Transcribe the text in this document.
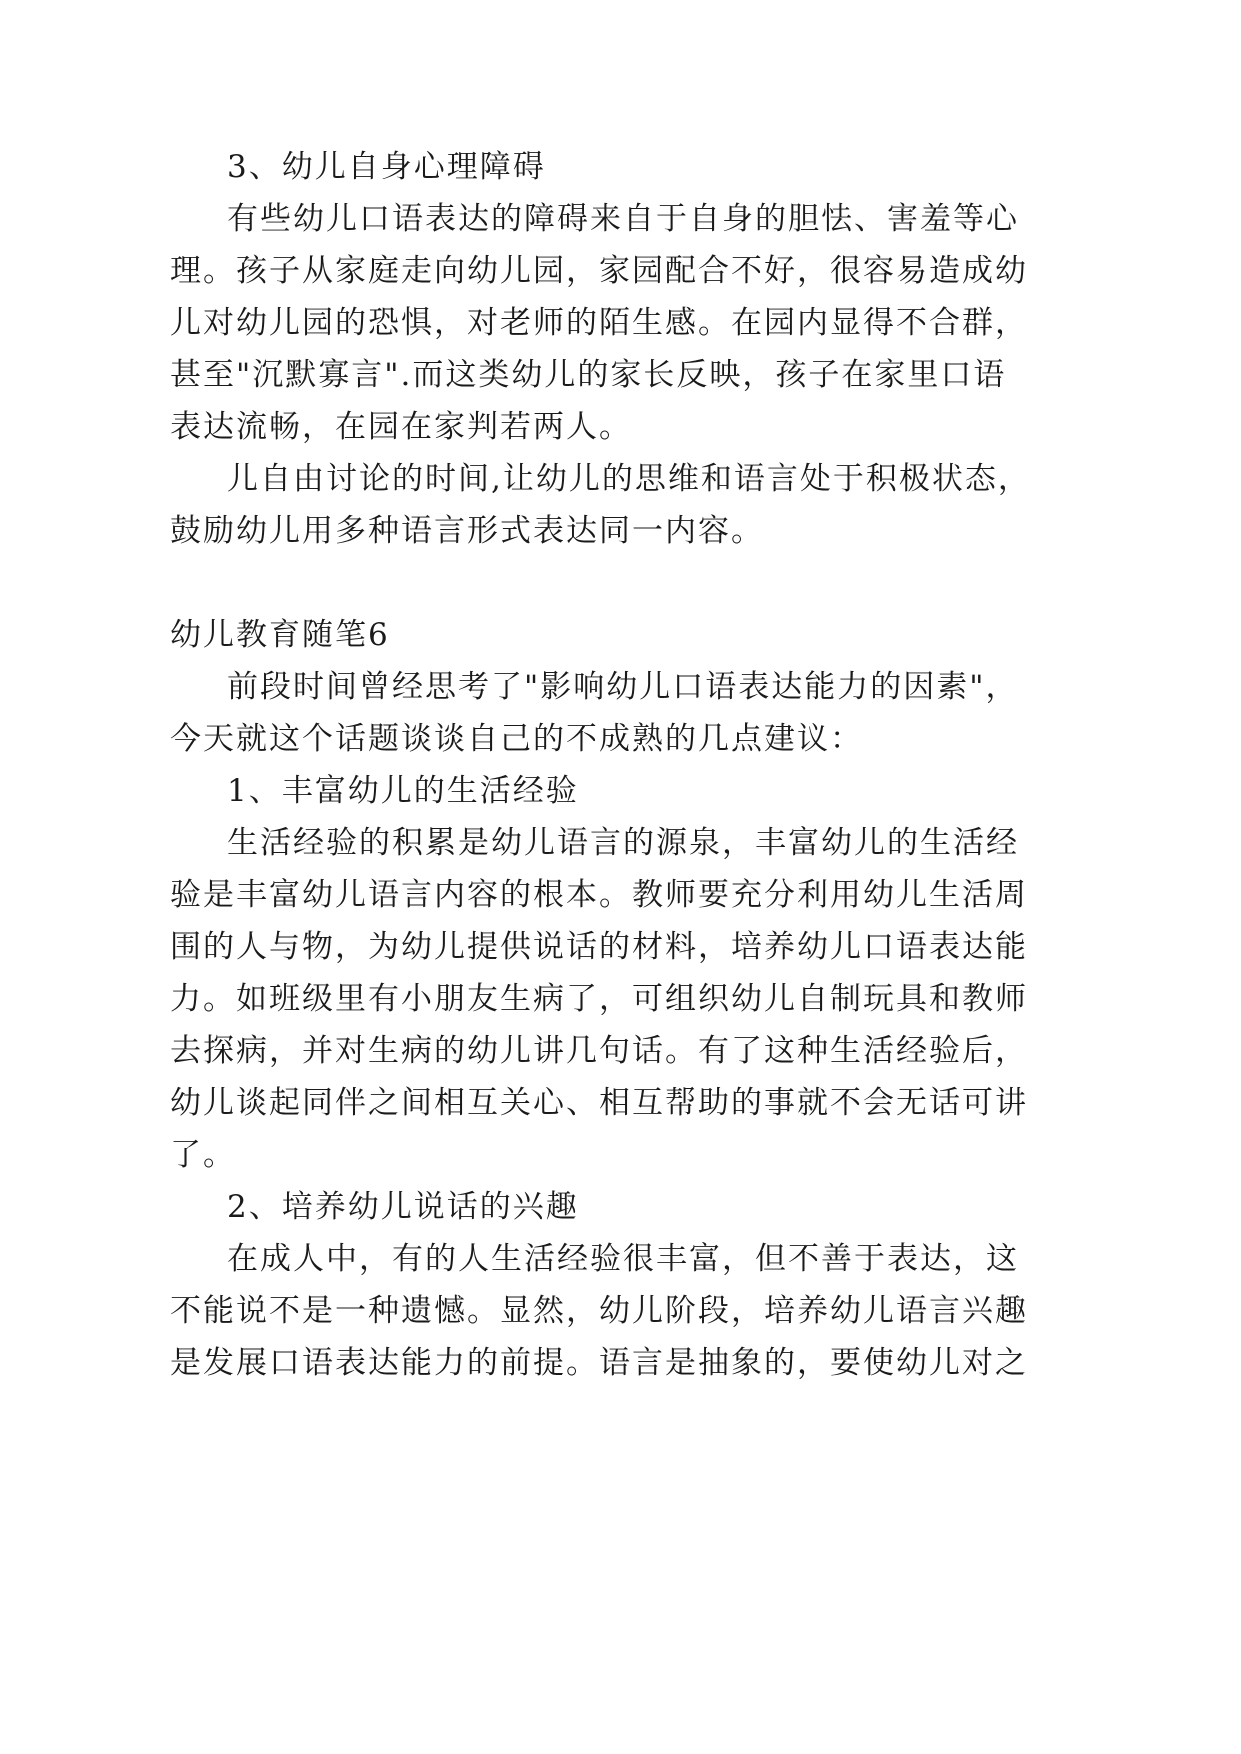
3、幼儿自身心理障碍
有些幼儿口语表达的障碍来自于自身的胆怯、害羞等心
理。孩子从家庭走向幼儿园，家园配合不好，很容易造成幼
儿对幼儿园的恐惧，对老师的陌生感。在园内显得不合群，
甚至"沉默寡言".而这类幼儿的家长反映，孩子在家里口语
表达流畅，在园在家判若两人。
儿自由讨论的时间,让幼儿的思维和语言处于积极状态，
鼓励幼儿用多种语言形式表达同一内容。
幼儿教育随笔6
前段时间曾经思考了"影响幼儿口语表达能力的因素"，
今天就这个话题谈谈自己的不成熟的几点建议：
1、丰富幼儿的生活经验
生活经验的积累是幼儿语言的源泉，丰富幼儿的生活经
验是丰富幼儿语言内容的根本。教师要充分利用幼儿生活周
围的人与物，为幼儿提供说话的材料，培养幼儿口语表达能
力。如班级里有小朋友生病了，可组织幼儿自制玩具和教师
去探病，并对生病的幼儿讲几句话。有了这种生活经验后，
幼儿谈起同伴之间相互关心、相互帮助的事就不会无话可讲
了。
2、培养幼儿说话的兴趣
在成人中，有的人生活经验很丰富，但不善于表达，这
不能说不是一种遗憾。显然，幼儿阶段，培养幼儿语言兴趣
是发展口语表达能力的前提。语言是抽象的，要使幼儿对之
